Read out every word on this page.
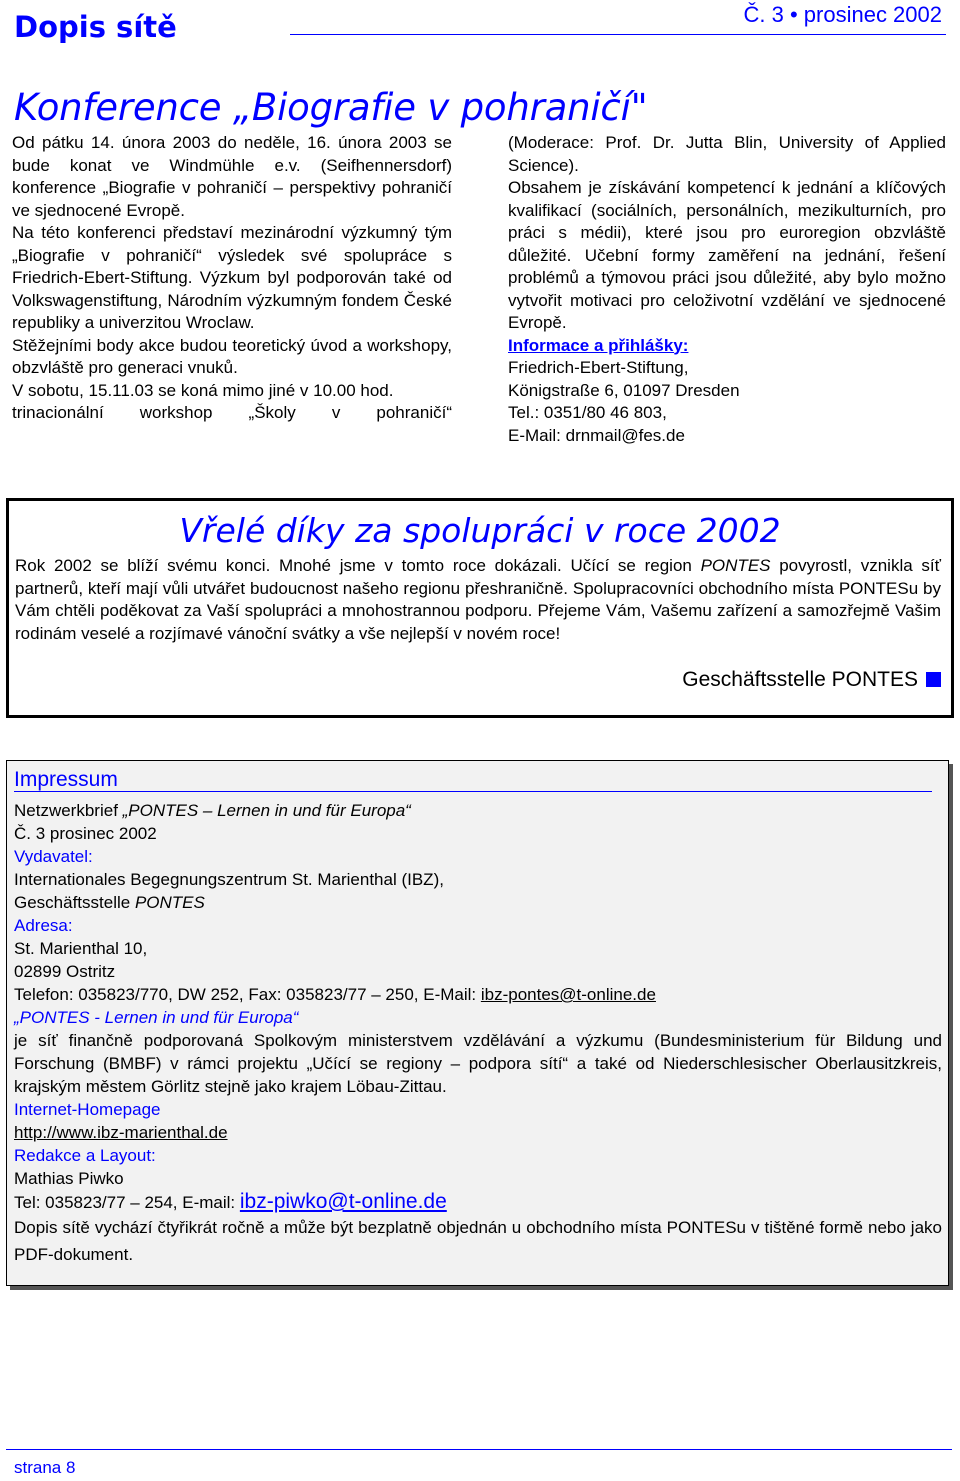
Dopis sítě	Č. 3 • prosinec 2002
Konference „Biografie v pohraničí"

Od pátku 14. února 2003 do neděle, 16. února 2003 se bude konat ve Windmühle e.v. (Seifhennersdorf) konference „Biografie v pohraničí – perspektivy pohraničí ve sjednocené Evropě.

Na této konferenci představí mezinárodní výzkumný tým „Biografie v pohraničí“ výsledek své spolupráce s Friedrich-Ebert-Stiftung. Výzkum byl podporován také od Volkswagenstiftung, Národním výzkumným fondem České republiky a univerzitou Wroclaw.

Stěžejními body akce budou teoretický úvod a workshopy, obzvláště pro generaci vnuků.

V sobotu, 15.11.03 se koná mimo jiné v 10.00 hod.

trinacionální workshop „Školy v pohraničí“

(Moderace: Prof. Dr. Jutta Blin, University of Applied Science).

Obsahem je získávání kompetencí k jednání a klíčových kvalifikací (sociálních, personálních, mezikulturních, pro práci s médii), které jsou pro euroregion obzvláště důležité. Učební formy zaměření na jednání, řešení problémů a týmovou práci jsou důležité, aby bylo možno vytvořit motivaci pro celoživotní vzdělání ve sjednocené Evropě.

Informace a přihlášky:

Friedrich-Ebert-Stiftung,

Königstraße 6, 01097 Dresden

Tel.: 0351/80 46 803,

E-Mail: drnmail@fes.de

Vřelé díky za spolupráci v roce 2002
Rok 2002 se blíží svému konci. Mnohé jsme v tomto roce dokázali. Učící se region PONTES povyrostl, vznikla síť partnerů, kteří mají vůli utvářet budoucnost našeho regionu přeshraničně. Spolupracovníci obchodního místa PONTESu by Vám chtěli poděkovat za Vaší spolupráci a mnohostrannou podporu. Přejeme Vám, Vašemu zařízení a samozřejmě Vašim rodinám veselé a rozjímavé vánoční svátky a vše nejlepší v novém roce!
Geschäftsstelle PONTES
Impressum
Netzwerkbrief „PONTES – Lernen in und für Europa“
Č. 3 prosinec 2002
Vydavatel:
Internationales Begegnungszentrum St. Marienthal (IBZ),
Geschäftsstelle PONTES
Adresa:
St. Marienthal 10,
02899 Ostritz
Telefon: 035823/770, DW 252, Fax: 035823/77 – 250, E-Mail: ibz-pontes@t-online.de
„PONTES - Lernen in und für Europa“
je síť finančně podporovaná Spolkovým ministerstvem vzdělávání a výzkumu (Bundesministerium für Bildung und Forschung (BMBF) v rámci projektu „Učící se regiony – podpora sítí“ a také od Niederschlesischer Oberlausitzkreis, krajským městem Görlitz stejně jako krajem Löbau-Zittau.
Internet-Homepage
http://www.ibz-marienthal.de
Redakce a Layout:
Mathias Piwko
Tel: 035823/77 – 254, E-mail: ibz-piwko@t-online.de
Dopis sítě vychází čtyřikrát ročně a může být bezplatně objednán u obchodního místa PONTESu v tištěné formě nebo jako PDF-dokument.
strana 8
